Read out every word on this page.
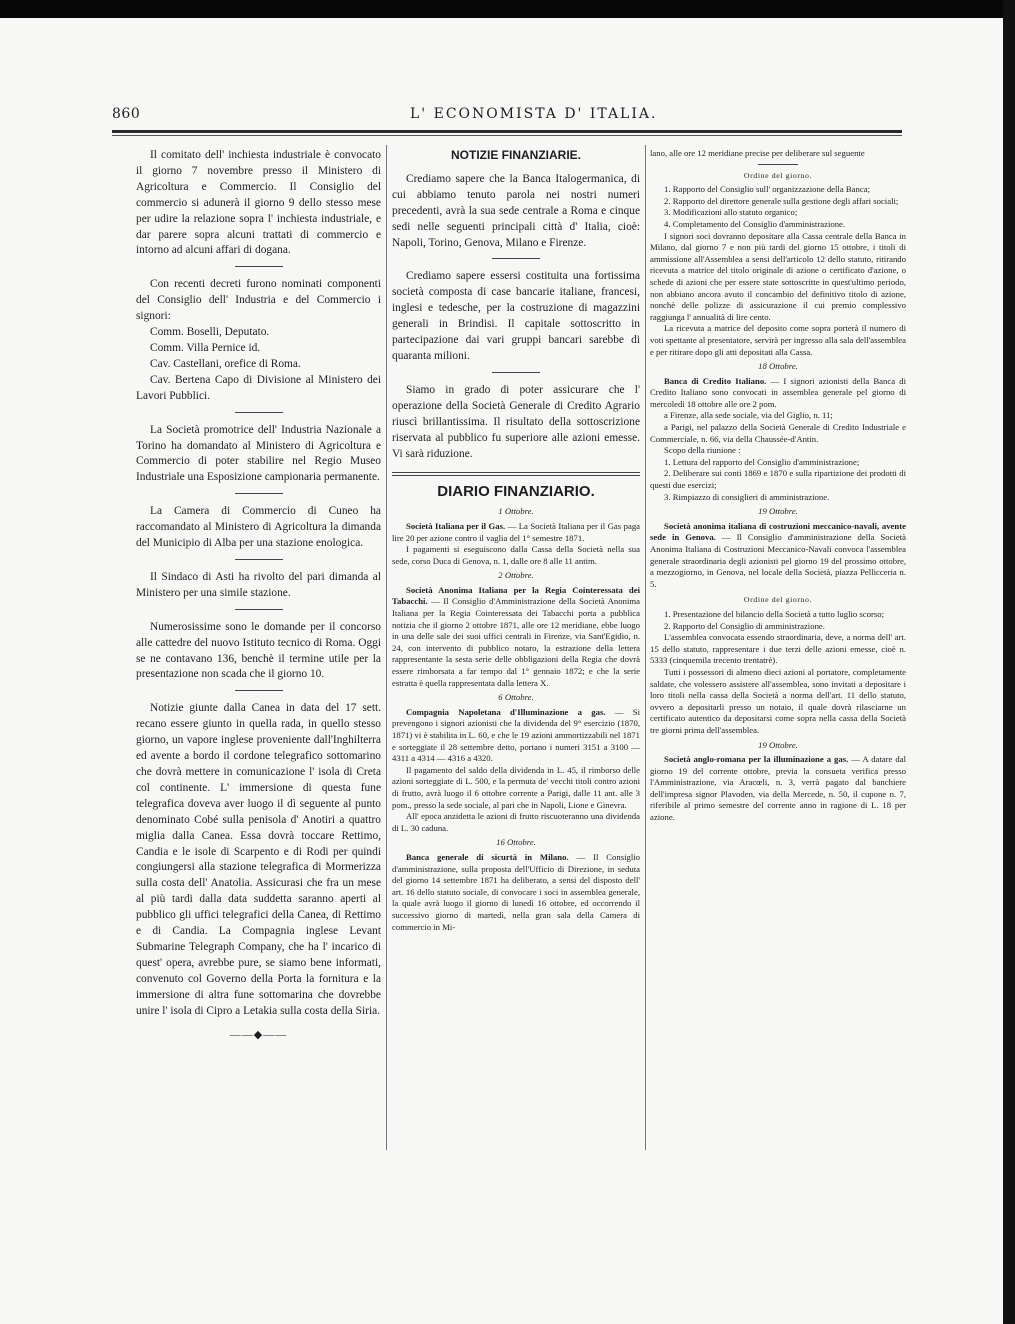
860	L' ECONOMISTA D' ITALIA.

Il comitato dell' inchiesta industriale è convocato il giorno 7 novembre presso il Ministero di Agricoltura e Commercio. Il Consiglio del commercio si adunerà il giorno 9 dello stesso mese per udire la relazione sopra l' inchiesta industriale, e dar parere sopra alcuni trattati di commercio e intorno ad alcuni affari di dogana.

Con recenti decreti furono nominati componenti del Consiglio dell' Industria e del Commercio i signori:

Comm. Boselli, Deputato.

Comm. Villa Pernice id.

Cav. Castellani, orefice di Roma.

Cav. Bertena Capo di Divisione al Ministero dei Lavori Pubblici.

La Società promotrice dell' Industria Nazionale a Torino ha domandato al Ministero di Agricoltura e Commercio di poter stabilire nel Regio Museo Industriale una Esposizione campionaria permanente.

La Camera di Commercio di Cuneo ha raccomandato al Ministero di Agricoltura la dimanda del Municipio di Alba per una stazione enologica.

Il Sindaco di Asti ha rivolto del pari dimanda al Ministero per una simile stazione.

Numerosissime sono le domande per il concorso alle cattedre del nuovo Istituto tecnico di Roma. Oggi se ne contavano 136, benchè il termine utile per la presentazione non scada che il giorno 10.

Notizie giunte dalla Canea in data del 17 sett. recano essere giunto in quella rada, in quello stesso giorno, un vapore inglese proveniente dall'Inghilterra ed avente a bordo il cordone telegrafico sottomarino che dovrà mettere in comunicazione l' isola di Creta col continente. L' immersione di questa fune telegrafica doveva aver luogo il dì seguente al punto denominato Cobé sulla penisola d' Anotiri a quattro miglia dalla Canea. Essa dovrà toccare Rettimo, Candia e le isole di Scarpento e di Rodi per quindi congiungersi alla stazione telegrafica di Mormerizza sulla costa dell' Anatolia. Assicurasi che fra un mese al più tardi dalla data suddetta saranno aperti al pubblico gli uffici telegrafici della Canea, di Rettimo e di Candia. La Compagnia inglese Levant Submarine Telegraph Company, che ha l' incarico di quest' opera, avrebbe pure, se siamo bene informati, convenuto col Governo della Porta la fornitura e la immersione di altra fune sottomarina che dovrebbe unire l' isola di Cipro a Letakia sulla costa della Siria.

——◆——
NOTIZIE FINANZIARIE.

Crediamo sapere che la Banca Italogermanica, di cui abbiamo tenuto parola nei nostri numeri precedenti, avrà la sua sede centrale a Roma e cinque sedi nelle seguenti principali città d' Italia, cioè: Napoli, Torino, Genova, Milano e Firenze.

Crediamo sapere essersi costituita una fortissima società composta di case bancarie italiane, francesi, inglesi e tedesche, per la costruzione di magazzini generali in Brindisi. Il capitale sottoscritto in partecipazione dai vari gruppi bancari sarebbe di quaranta milioni.

Siamo in grado di poter assicurare che l' operazione della Società Generale di Credito Agrario riuscì brillantissima. Il risultato della sottoscrizione riservata al pubblico fu superiore alle azioni emesse. Vi sarà riduzione.

DIARIO FINANZIARIO.
1 Ottobre.

Società Italiana per il Gas. — La Società Italiana per il Gas paga lire 20 per azione contro il vaglia del 1° semestre 1871.

I pagamenti si eseguiscono dalla Cassa della Società nella sua sede, corso Duca di Genova, n. 1, dalle ore 8 alle 11 antim.

2 Ottobre.

Società Anonima Italiana per la Regia Cointeressata dei Tabacchi. — Il Consiglio d'Amministrazione della Società Anonima Italiana per la Regia Cointeressata dei Tabacchi porta a pubblica notizia che il giorno 2 ottobre 1871, alle ore 12 meridiane, ebbe luogo in una delle sale dei suoi uffici centrali in Firenze, via Sant'Egidio, n. 24, con intervento di pubblico notaro, la estrazione della lettera rappresentante la sesta serie delle obbligazioni della Regia che dovrà essere rimborsata a far tempo dal 1° gennaio 1872; e che la serie estratta è quella rappresentata dalla lettera X.

6 Ottobre.

Compagnia Napoletana d'Illuminazione a gas. — Si prevengono i signori azionisti che la dividenda del 9° esercizio (1870, 1871) vi è stabilita in L. 60, e che le 19 azioni ammortizzabili nel 1871 e sorteggiate il 28 settembre detto, portano i numeri 3151 a 3100 — 4311 a 4314 — 4316 a 4320.

Il pagamento del saldo della dividenda in L. 45, il rimborso delle azioni sorteggiate di L. 500, e la permuta de' vecchi titoli contro azioni di frutto, avrà luogo il 6 ottobre corrente a Parigi, dalle 11 ant. alle 3 pom., presso la sede sociale, al pari che in Napoli, Lione e Ginevra.

All' epoca anzidetta le azioni di frutto riscuoteranno una dividenda di L. 30 caduna.

16 Ottobre.

Banca generale di sicurtà in Milano. — Il Consiglio d'amministrazione, sulla proposta dell'Ufficio di Direzione, in seduta del giorno 14 settembre 1871 ha deliberato, a sensi del disposto dell' art. 16 dello statuto sociale, di convocare i soci in assemblea generale, la quale avrà luogo il giorno di lunedì 16 ottobre, ed occorrendo il successivo giorno di martedì, nella gran sala della Camera di commercio in Mi-

lano, alle ore 12 meridiane precise per deliberare sul seguente

Ordine del giorno.

1. Rapporto del Consiglio sull' organizzazione della Banca;

2. Rapporto del direttore generale sulla gestione degli affari sociali;

3. Modificazioni allo statuto organico;

4. Completamento del Consiglio d'amministrazione.

I signori soci dovranno depositare alla Cassa centrale della Banca in Milano, dal giorno 7 e non più tardi del giorno 15 ottobre, i titoli di ammissione all'Assemblea a sensi dell'articolo 12 dello statuto, ritirando ricevuta a matrice del titolo originale di azione o certificato d'azione, o schede di azioni che per essere state sottoscritte in quest'ultimo periodo, non abbiano ancora avuto il concambio del definitivo titolo di azione, nonchè delle polizze di assicurazione il cui premio complessivo raggiunga l' annualità di lire cento.

La ricevuta a matrice del deposito come sopra porterà il numero di voti spettante al presentatore, servirà per ingresso alla sala dell'assemblea e per ritirare dopo gli atti depositati alla Cassa.

18 Ottobre.

Banca di Credito Italiano. — I signori azionisti della Banca di Credito Italiano sono convocati in assemblea generale pel giorno di mercoledì 18 ottobre alle ore 2 pom.

a Firenze, alla sede sociale, via del Giglio, n. 11;

a Parigi, nel palazzo della Società Generale di Credito Industriale e Commerciale, n. 66, via della Chaussée-d'Antin.

Scopo della riunione :

1. Lettura del rapporto del Consiglio d'amministrazione;

2. Deliberare sui conti 1869 e 1870 e sulla ripartizione dei prodotti di questi due esercizi;

3. Rimpiazzo di consiglieri di amministrazione.

19 Ottobre.

Società anonima italiana di costruzioni meccanico-navali, avente sede in Genova. — Il Consiglio d'amministrazione della Società Anonima Italiana di Costruzioni Meccanico-Navali convoca l'assemblea generale straordinaria degli azionisti pel giorno 19 del prossimo ottobre, a mezzogiorno, in Genova, nel locale della Società, piazza Pellicceria n. 5.

Ordine del giorno.

1. Presentazione del bilancio della Società a tutto luglio scorso;

2. Rapporto del Consiglio di amministrazione.

L'assemblea convocata essendo straordinaria, deve, a norma dell' art. 15 dello statuto, rappresentare i due terzi delle azioni emesse, cioè n. 5333 (cinquemila trecento trentatrè).

Tutti i possessori di almeno dieci azioni al portatore, completamente saldate, che volessero assistere all'assemblea, sono invitati a depositare i loro titoli nella cassa della Società a norma dell'art. 11 dello statuto, ovvero a depositarli presso un notaio, il quale dovrà rilasciarne un certificato autentico da depositarsi come sopra nella cassa della Società tre giorni prima dell'assemblea.

19 Ottobre.

Società anglo-romana per la illuminazione a gas. — A datare dal giorno 19 del corrente ottobre, previa la consueta verifica presso l'Amministrazione, via Aracœli, n. 3, verrà pagato dal banchiere dell'impresa signor Plavoden, via della Mercede, n. 50, il cupone n. 7, riferibile al primo semestre del corrente anno in ragione di L. 18 per azione.
